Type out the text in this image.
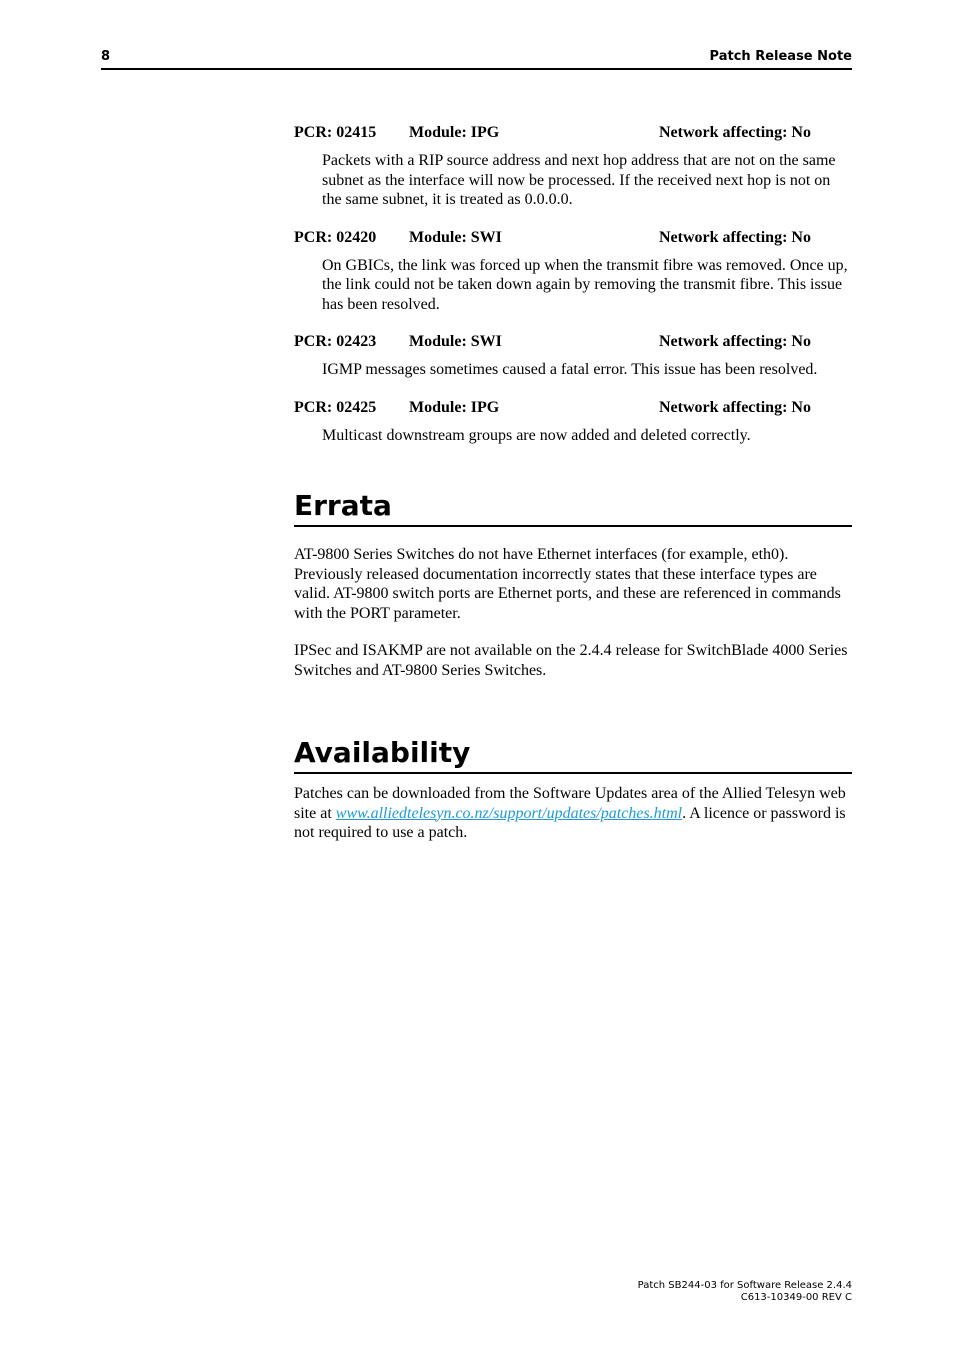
8	Patch Release Note
PCR: 02415 Module: IPG	Network affecting: No

Packets with a RIP source address and next hop address that are not on the same subnet as the interface will now be processed. If the received next hop is not on the same subnet, it is treated as 0.0.0.0.

PCR: 02420 Module: SWI	Network affecting: No

On GBICs, the link was forced up when the transmit fibre was removed. Once up, the link could not be taken down again by removing the transmit fibre. This issue has been resolved.

PCR: 02423 Module: SWI	Network affecting: No

IGMP messages sometimes caused a fatal error. This issue has been resolved.

PCR: 02425 Module: IPG	Network affecting: No

Multicast downstream groups are now added and deleted correctly.

Errata

AT-9800 Series Switches do not have Ethernet interfaces (for example, eth0). Previously released documentation incorrectly states that these interface types are valid. AT-9800 switch ports are Ethernet ports, and these are referenced in commands with the PORT parameter.

IPSec and ISAKMP are not available on the 2.4.4 release for SwitchBlade 4000 Series Switches and AT-9800 Series Switches.

Availability

Patches can be downloaded from the Software Updates area of the Allied Telesyn web site at www.alliedtelesyn.co.nz/support/updates/patches.html. A licence or password is not required to use a patch.

Patch SB244-03 for Software Release 2.4.4
C613-10349-00 REV C
